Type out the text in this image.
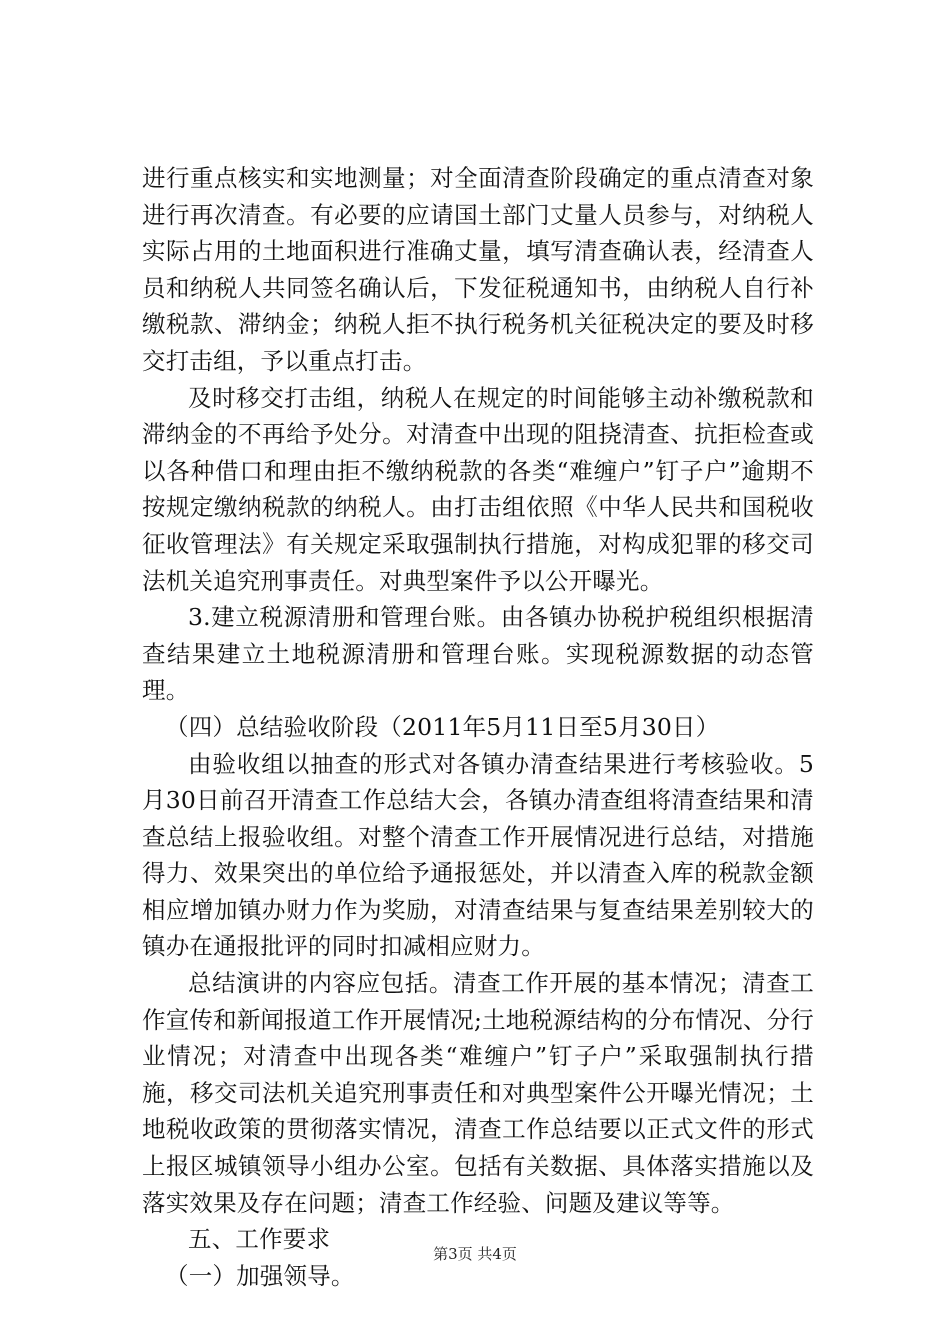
进行重点核实和实地测量；对全面清查阶段确定的重点清查对象进行再次清查。有必要的应请国土部门丈量人员参与，对纳税人实际占用的土地面积进行准确丈量，填写清查确认表，经清查人员和纳税人共同签名确认后，下发征税通知书，由纳税人自行补缴税款、滞纳金；纳税人拒不执行税务机关征税决定的要及时移交打击组，予以重点打击。

及时移交打击组，纳税人在规定的时间能够主动补缴税款和滞纳金的不再给予处分。对清查中出现的阻挠清查、抗拒检查或以各种借口和理由拒不缴纳税款的各类“难缠户”钉子户”逾期不按规定缴纳税款的纳税人。由打击组依照《中华人民共和国税收征收管理法》有关规定采取强制执行措施，对构成犯罪的移交司法机关追究刑事责任。对典型案件予以公开曝光。

3.建立税源清册和管理台账。由各镇办协税护税组织根据清查结果建立土地税源清册和管理台账。实现税源数据的动态管理。

（四）总结验收阶段（2011年5月11日至5月30日）

由验收组以抽查的形式对各镇办清查结果进行考核验收。5月30日前召开清查工作总结大会，各镇办清查组将清查结果和清查总结上报验收组。对整个清查工作开展情况进行总结，对措施得力、效果突出的单位给予通报惩处，并以清查入库的税款金额相应增加镇办财力作为奖励，对清查结果与复查结果差别较大的镇办在通报批评的同时扣减相应财力。

总结演讲的内容应包括。清查工作开展的基本情况；清查工作宣传和新闻报道工作开展情况;土地税源结构的分布情况、分行业情况；对清查中出现各类“难缠户”钉子户”采取强制执行措施，移交司法机关追究刑事责任和对典型案件公开曝光情况；土地税收政策的贯彻落实情况，清查工作总结要以正式文件的形式上报区城镇领导小组办公室。包括有关数据、具体落实措施以及落实效果及存在问题；清查工作经验、问题及建议等等。

五、工作要求

（一）加强领导。

第3页 共4页
